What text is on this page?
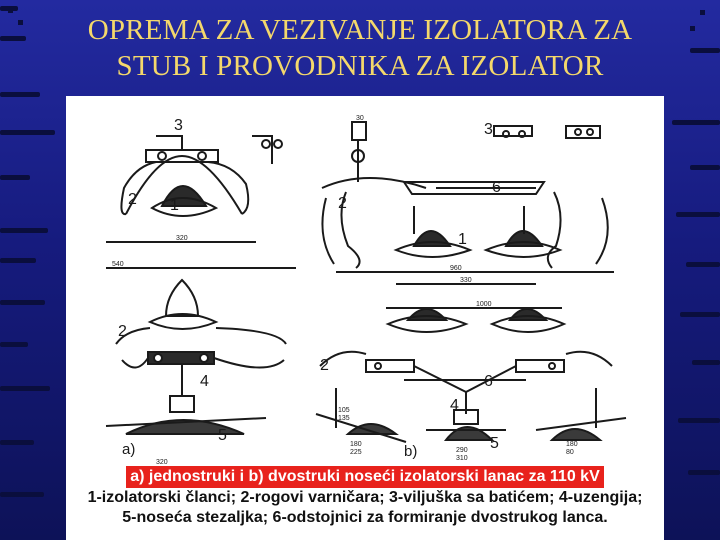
OPREMA ZA VEZIVANJE IZOLATORA ZA
STUB I PROVODNIKA ZA IZOLATOR
3
2 1
2
4
5
3
6
2
1
2
6
4
5
a)	b)
320
540
30
960
330
1000
320
180
225	290
310
180
80
105
135
a) jednostruki i b) dvostruki noseći izolatorski lanac za 110 kV
1-izolatorski članci; 2-rogovi varničara; 3-viljuška sa batićem; 4-uzengija;
5-noseća stezaljka; 6-odstojnici za formiranje dvostrukog lanca.
